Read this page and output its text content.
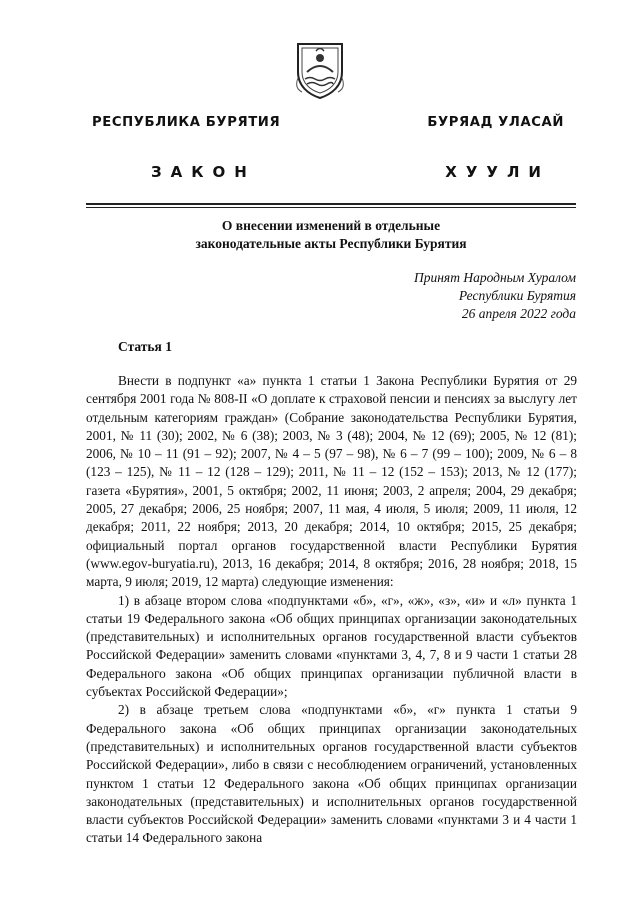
РЕСПУБЛИКА БУРЯТИЯ	БУРЯАД УЛАСАЙ
ЗАКОН	ХУУЛИ
О внесении изменений в отдельные
законодательные акты Республики Бурятия
Принят Народным Хуралом
Республики Бурятия
26 апреля 2022 года
Статья 1

Внести в подпункт «а» пункта 1 статьи 1 Закона Республики Бурятия от 29 сентября 2001 года № 808-II «О доплате к страховой пенсии и пенсиях за выслугу лет отдельным категориям граждан» (Собрание законодательства Республики Бурятия, 2001, № 11 (30); 2002, № 6 (38); 2003, № 3 (48); 2004, № 12 (69); 2005, № 12 (81); 2006, № 10 – 11 (91 – 92); 2007, № 4 – 5 (97 – 98), № 6 – 7 (99 – 100); 2009, № 6 – 8 (123 – 125), № 11 – 12 (128 – 129); 2011, № 11 – 12 (152 – 153); 2013, № 12 (177); газета «Бурятия», 2001, 5 октября; 2002, 11 июня; 2003, 2 апреля; 2004, 29 декабря; 2005, 27 декабря; 2006, 25 ноября; 2007, 11 мая, 4 июля, 5 июля; 2009, 11 июля, 12 декабря; 2011, 22 ноября; 2013, 20 декабря; 2014, 10 октября; 2015, 25 декабря; официальный портал органов государственной власти Республики Бурятия (www.egov-buryatia.ru), 2013, 16 декабря; 2014, 8 октября; 2016, 28 ноября; 2018, 15 марта, 9 июля; 2019, 12 марта) следующие изменения:

1) в абзаце втором слова «подпунктами «б», «г», «ж», «з», «и» и «л» пункта 1 статьи 19 Федерального закона «Об общих принципах организации законодательных (представительных) и исполнительных органов государственной власти субъектов Российской Федерации» заменить словами «пунктами 3, 4, 7, 8 и 9 части 1 статьи 28 Федерального закона «Об общих принципах организации публичной власти в субъектах Российской Федерации»;

2) в абзаце третьем слова «подпунктами «б», «г» пункта 1 статьи 9 Федерального закона «Об общих принципах организации законодательных (представительных) и исполнительных органов государственной власти субъектов Российской Федерации», либо в связи с несоблюдением ограничений, установленных пунктом 1 статьи 12 Федерального закона «Об общих принципах организации законодательных (представительных) и исполнительных органов государственной власти субъектов Российской Федерации» заменить словами «пунктами 3 и 4 части 1 статьи 14 Федерального закона
